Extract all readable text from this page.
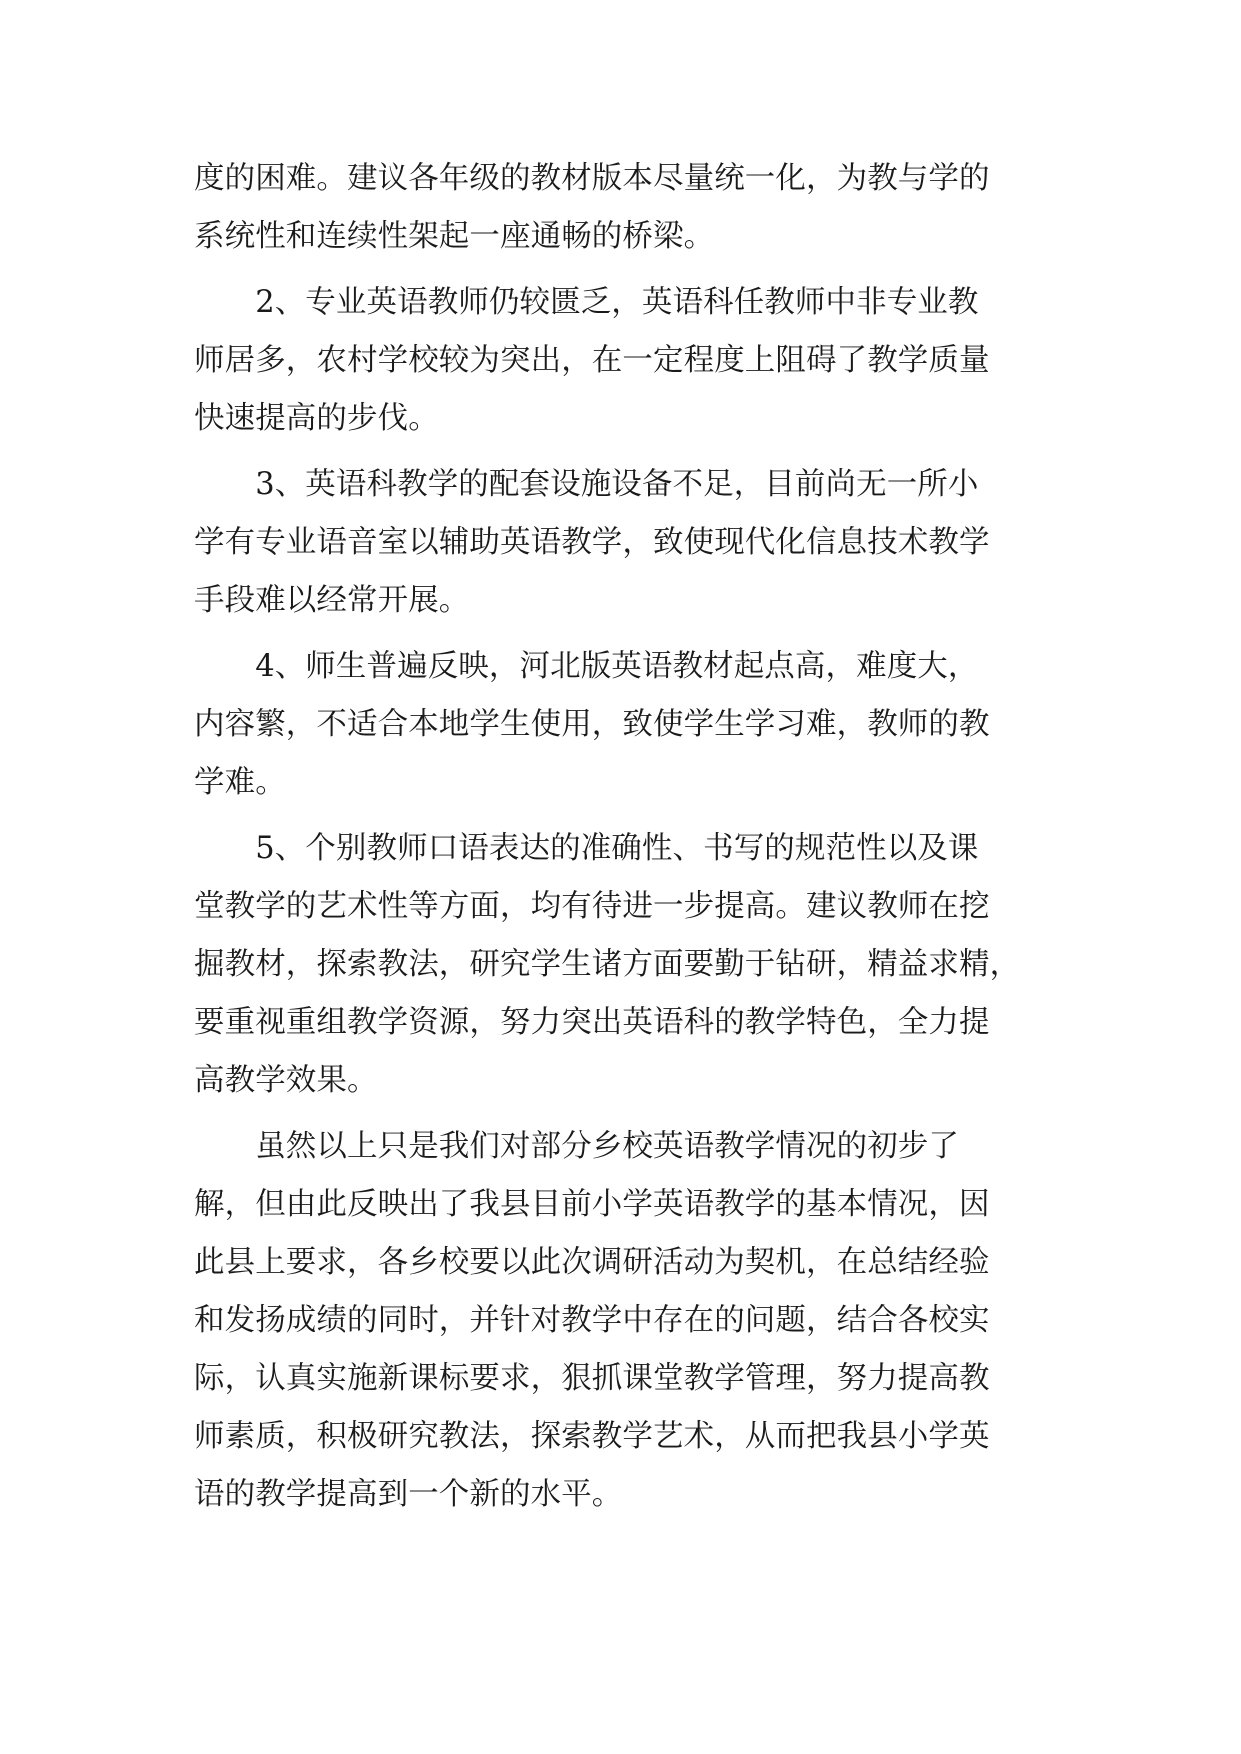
度的困难。建议各年级的教材版本尽量统一化，为教与学的
系统性和连续性架起一座通畅的桥梁。
　　2、专业英语教师仍较匮乏，英语科任教师中非专业教
师居多，农村学校较为突出，在一定程度上阻碍了教学质量
快速提高的步伐。
　　3、英语科教学的配套设施设备不足，目前尚无一所小
学有专业语音室以辅助英语教学，致使现代化信息技术教学
手段难以经常开展。
　　4、师生普遍反映，河北版英语教材起点高，难度大，
内容繁，不适合本地学生使用，致使学生学习难，教师的教
学难。
　　5、个别教师口语表达的准确性、书写的规范性以及课
堂教学的艺术性等方面，均有待进一步提高。建议教师在挖
掘教材，探索教法，研究学生诸方面要勤于钻研，精益求精，
要重视重组教学资源，努力突出英语科的教学特色，全力提
高教学效果。
　　虽然以上只是我们对部分乡校英语教学情况的初步了
解，但由此反映出了我县目前小学英语教学的基本情况，因
此县上要求，各乡校要以此次调研活动为契机，在总结经验
和发扬成绩的同时，并针对教学中存在的问题，结合各校实
际，认真实施新课标要求，狠抓课堂教学管理，努力提高教
师素质，积极研究教法，探索教学艺术，从而把我县小学英
语的教学提高到一个新的水平。
